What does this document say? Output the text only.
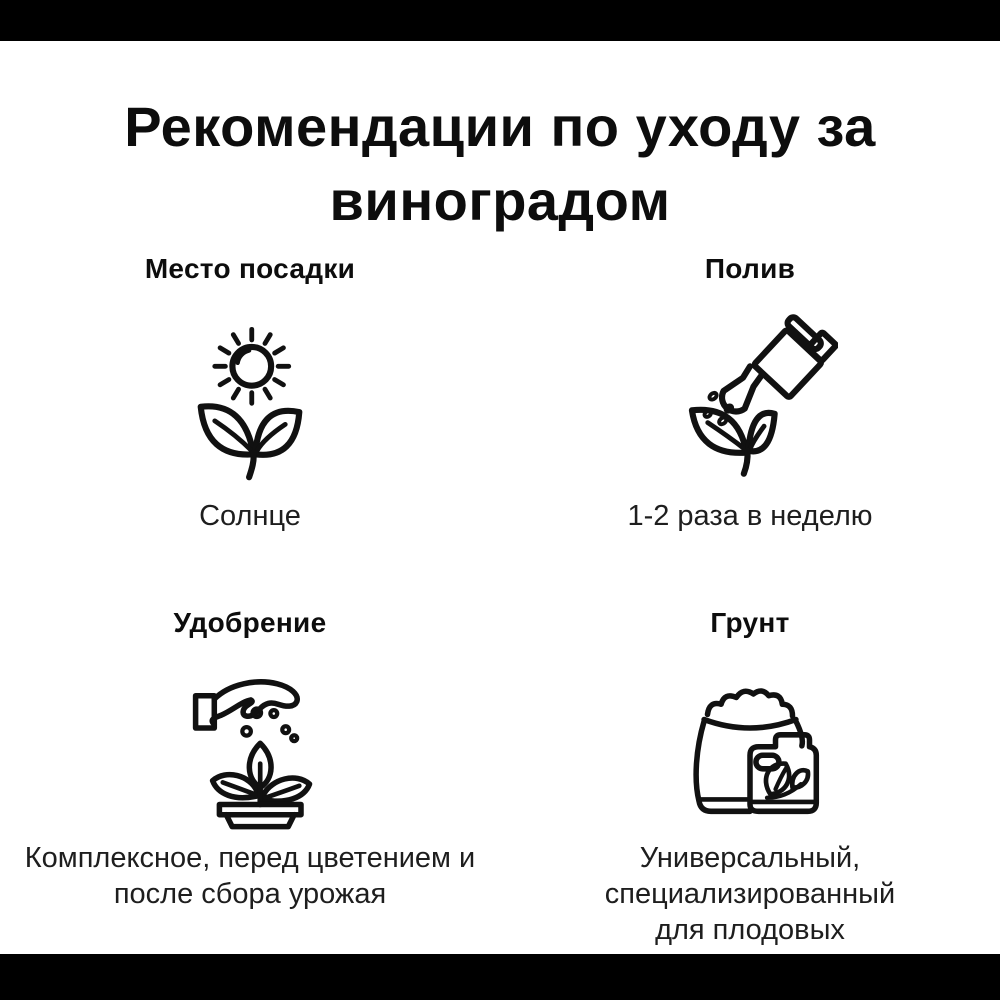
Рекомендации по уходу за
виноградом
Место посадки
Солнце
Полив
1-2 раза в неделю
Удобрение
Комплексное, перед цветением и
после сбора урожая
Грунт
Универсальный,
специализированный
для плодовых
